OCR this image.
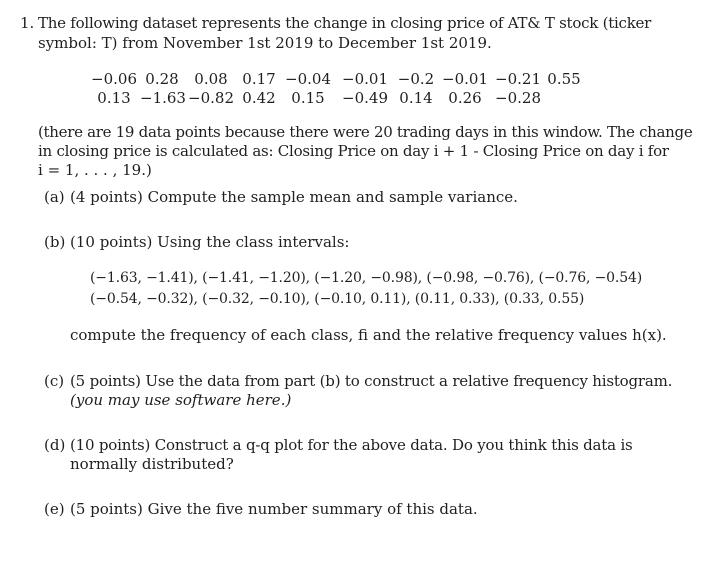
1. The following dataset represents the change in closing price of AT& T stock (ticker
symbol: T) from November 1st 2019 to December 1st 2019.
−0.06 0.28	0.08 0.17 −0.04 −0.01 −0.2 −0.01 −0.21 0.55
0.13 −1.63 −0.82 0.42	0.15	−0.49 0.14	0.26 −0.28
(there are 19 data points because there were 20 trading days in this window. The change
in closing price is calculated as: Closing Price on day i + 1 - Closing Price on day i for
i = 1, . . . , 19.)
(a) (4 points) Compute the sample mean and sample variance.
(b) (10 points) Using the class intervals:
(−1.63, −1.41), (−1.41, −1.20), (−1.20, −0.98), (−0.98, −0.76), (−0.76, −0.54)
(−0.54, −0.32), (−0.32, −0.10), (−0.10, 0.11), (0.11, 0.33), (0.33, 0.55)
compute the frequency of each class, fi and the relative frequency values h(x).
(c) (5 points) Use the data from part (b) to construct a relative frequency histogram.
(you may use software here.)
(d) (10 points) Construct a q-q plot for the above data. Do you think this data is
normally distributed?
(e) (5 points) Give the five number summary of this data.
